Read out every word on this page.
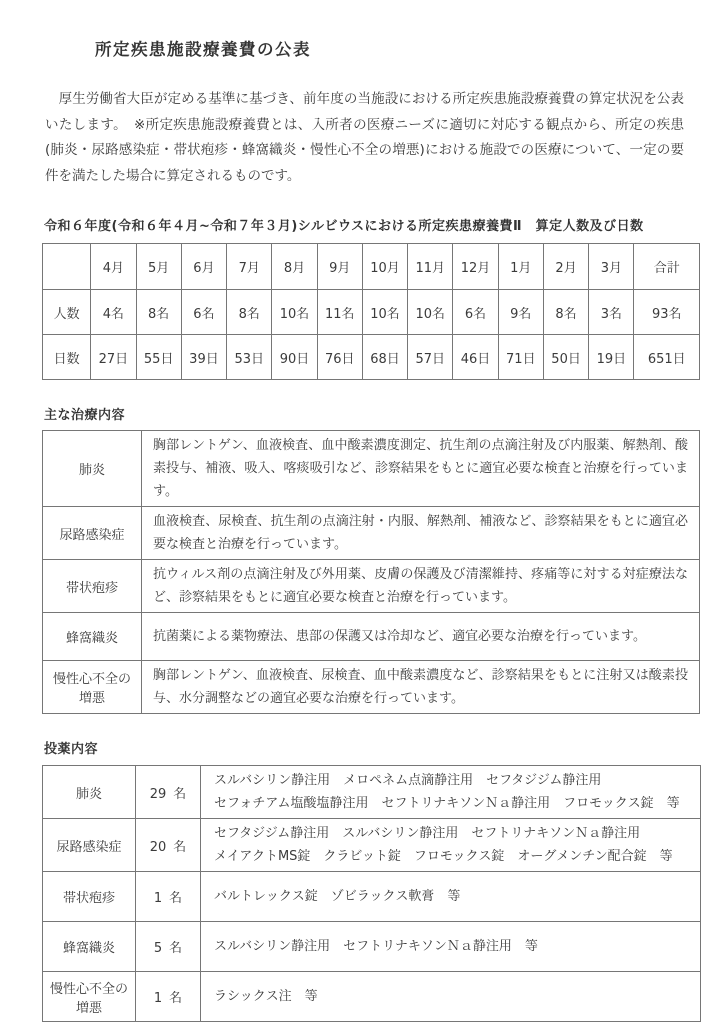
所定疾患施設療養費の公表

　厚生労働省大臣が定める基準に基づき、前年度の当施設における所定疾患施設療養費の算定状況を公表いたします。　※所定疾患施設療養費とは、入所者の医療ニーズに適切に対応する観点から、所定の疾患(肺炎・尿路感染症・帯状疱疹・蜂窩織炎・慢性心不全の増悪)における施設での医療について、一定の要件を満たした場合に算定されるものです。

令和６年度(令和６年４月~令和７年３月)シルビウスにおける所定疾患療養費Ⅱ　算定人数及び日数
	4月	5月	6月	7月	8月	9月	10月	11月	12月	1月	2月	3月	合計
人数	4名	8名	6名	8名	10名	11名	10名	10名	6名	9名	8名	3名	93名
日数	27日	55日	39日	53日	90日	76日	68日	57日	46日	71日	50日	19日	651日
主な治療内容
肺炎	胸部レントゲン、血液検査、血中酸素濃度測定、抗生剤の点滴注射及び内服薬、解熱剤、酸素投与、補液、吸入、喀痰吸引など、診察結果をもとに適宜必要な検査と治療を行っています。
尿路感染症	血液検査、尿検査、抗生剤の点滴注射・内服、解熱剤、補液など、診察結果をもとに適宜必要な検査と治療を行っています。
帯状疱疹	抗ウィルス剤の点滴注射及び外用薬、皮膚の保護及び清潔維持、疼痛等に対する対症療法など、診察結果をもとに適宜必要な検査と治療を行っています。
蜂窩織炎	抗菌薬による薬物療法、患部の保護又は冷却など、適宜必要な治療を行っています。
慢性心不全の増悪	胸部レントゲン、血液検査、尿検査、血中酸素濃度など、診察結果をもとに注射又は酸素投与、水分調整などの適宜必要な治療を行っています。
投薬内容
肺炎	29 名	スルバシリン静注用　メロペネム点滴静注用　セフタジジム静注用
セフォチアム塩酸塩静注用　セフトリナキソンＮａ静注用　フロモックス錠　等

尿路感染症	20 名	セフタジジム静注用　スルバシリン静注用　セフトリナキソンＮａ静注用
メイアクトMS錠　クラビット錠　フロモックス錠　オーグメンチン配合錠　等

帯状疱疹	1 名	バルトレックス錠　ゾビラックス軟膏　等

蜂窩織炎	5 名	スルバシリン静注用　セフトリナキソンＮａ静注用　等

慢性心不全の増悪	1 名	ラシックス注　等
